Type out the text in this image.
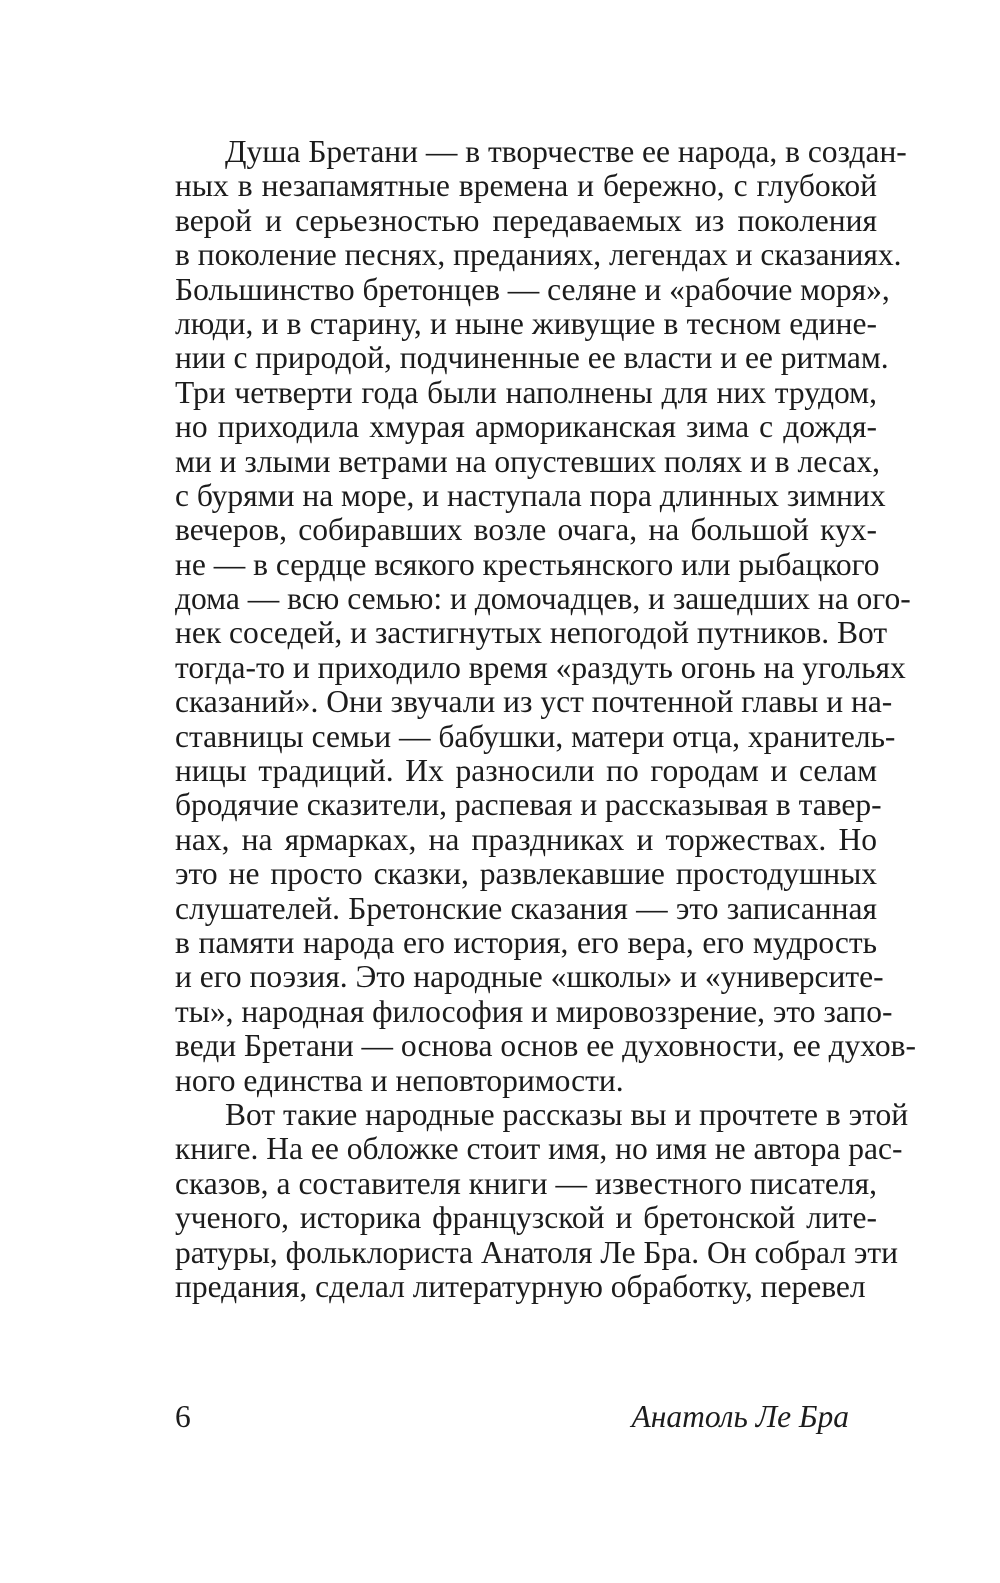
Душа Бретани — в творчестве ее народа, в создан-
ных в незапамятные времена и бережно, с глубокой
верой и серьезностью передаваемых из поколения
в поколение песнях, преданиях, легендах и сказаниях.
Большинство бретонцев — селяне и «рабочие моря»,
люди, и в старину, и ныне живущие в тесном едине-
нии с природой, подчиненные ее власти и ее ритмам.
Три четверти года были наполнены для них трудом,
но приходила хмурая арморикaнская зима с дождя-
ми и злыми ветрами на опустевших полях и в лесах,
с бурями на море, и наступала пора длинных зимних
вечеров, собиравших возле очага, на большой кух-
не — в сердце всякого крестьянского или рыбацкого
дома — всю семью: и домочадцев, и зашедших на ого-
нек соседей, и застигнутых непогодой путников. Вот
тогда-то и приходило время «раздуть огонь на угольях
сказаний». Они звучали из уст почтенной главы и на-
ставницы семьи — бабушки, матери отца, хранитель-
ницы традиций. Их разносили по городам и селам
бродячие сказители, распевая и рассказывая в тавер-
нах, на ярмарках, на праздниках и торжествах. Но
это не просто сказки, развлекавшие простодушных
слушателей. Бретонские сказания — это записанная
в памяти народа его история, его вера, его мудрость
и его поэзия. Это народные «школы» и «университе-
ты», народная философия и мировоззрение, это запо-
веди Бретани — основа основ ее духовности, ее духов-
ного единства и неповторимости.

Вот такие народные рассказы вы и прочтете в этой
книге. На ее обложке стоит имя, но имя не автора рас-
сказов, а составителя книги — известного писателя,
ученого, историка французской и бретонской лите-
ратуры, фольклориста Анатоля Ле Бра. Он собрал эти
предания, сделал литературную обработку, перевел

6	Анатоль Ле Бра
